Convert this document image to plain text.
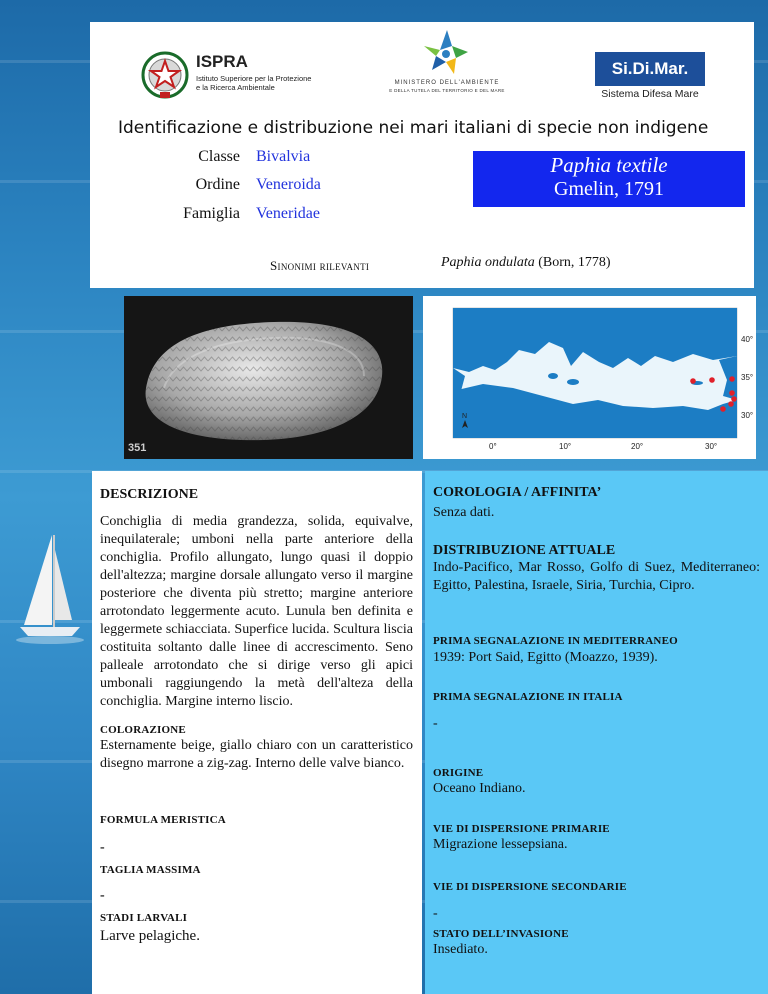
ISPRA
Istituto Superiore per la Protezione
e la Ricerca Ambientale	MINISTERO DELL'AMBIENTE
E DELLA TUTELA DEL TERRITORIO E DEL MARE
Si.Di.Mar.
Sistema Difesa Mare
Identificazione e distribuzione nei mari italiani di specie non indigene
Classe Bivalvia
Ordine Veneroida
Famiglia Veneridae
Paphia textile
Gmelin, 1791
Sinonimi rilevanti	Paphia ondulata (Born, 1778)
351
40°
35°
30°
0°	10°	20°	30°
N
DESCRIZIONE
Conchiglia di media grandezza, solida, equivalve, inequilaterale; umboni nella parte anteriore della conchiglia. Profilo allungato, lungo quasi il doppio dell'altezza; margine dorsale allungato verso il margine posteriore che diventa più stretto; margine anteriore arrotondato leggermente acuto. Lunula ben definita e leggermete schiacciata. Superfice lucida. Scultura liscia costituita soltanto dalle linee di accrescimento. Seno palleale arrotondato che si dirige verso gli apici umbonali raggiungendo la metà dell'alteza della conchiglia. Margine interno liscio.
COLORAZIONE
Esternamente beige, giallo chiaro con un caratteristico disegno marrone a zig-zag. Interno delle valve bianco.
FORMULA MERISTICA
-
TAGLIA MASSIMA
-
STADI LARVALI
Larve pelagiche.
COROLOGIA / AFFINITA’
Senza dati.
DISTRIBUZIONE ATTUALE
Indo-Pacifico, Mar Rosso, Golfo di Suez, Mediterraneo: Egitto, Palestina, Israele, Siria, Turchia, Cipro.
PRIMA SEGNALAZIONE IN MEDITERRANEO
1939: Port Said, Egitto (Moazzo, 1939).
PRIMA SEGNALAZIONE IN ITALIA
-
ORIGINE
Oceano Indiano.
VIE DI DISPERSIONE PRIMARIE
Migrazione lessepsiana.
VIE DI DISPERSIONE SECONDARIE
-
STATO DELL’INVASIONE
Insediato.
